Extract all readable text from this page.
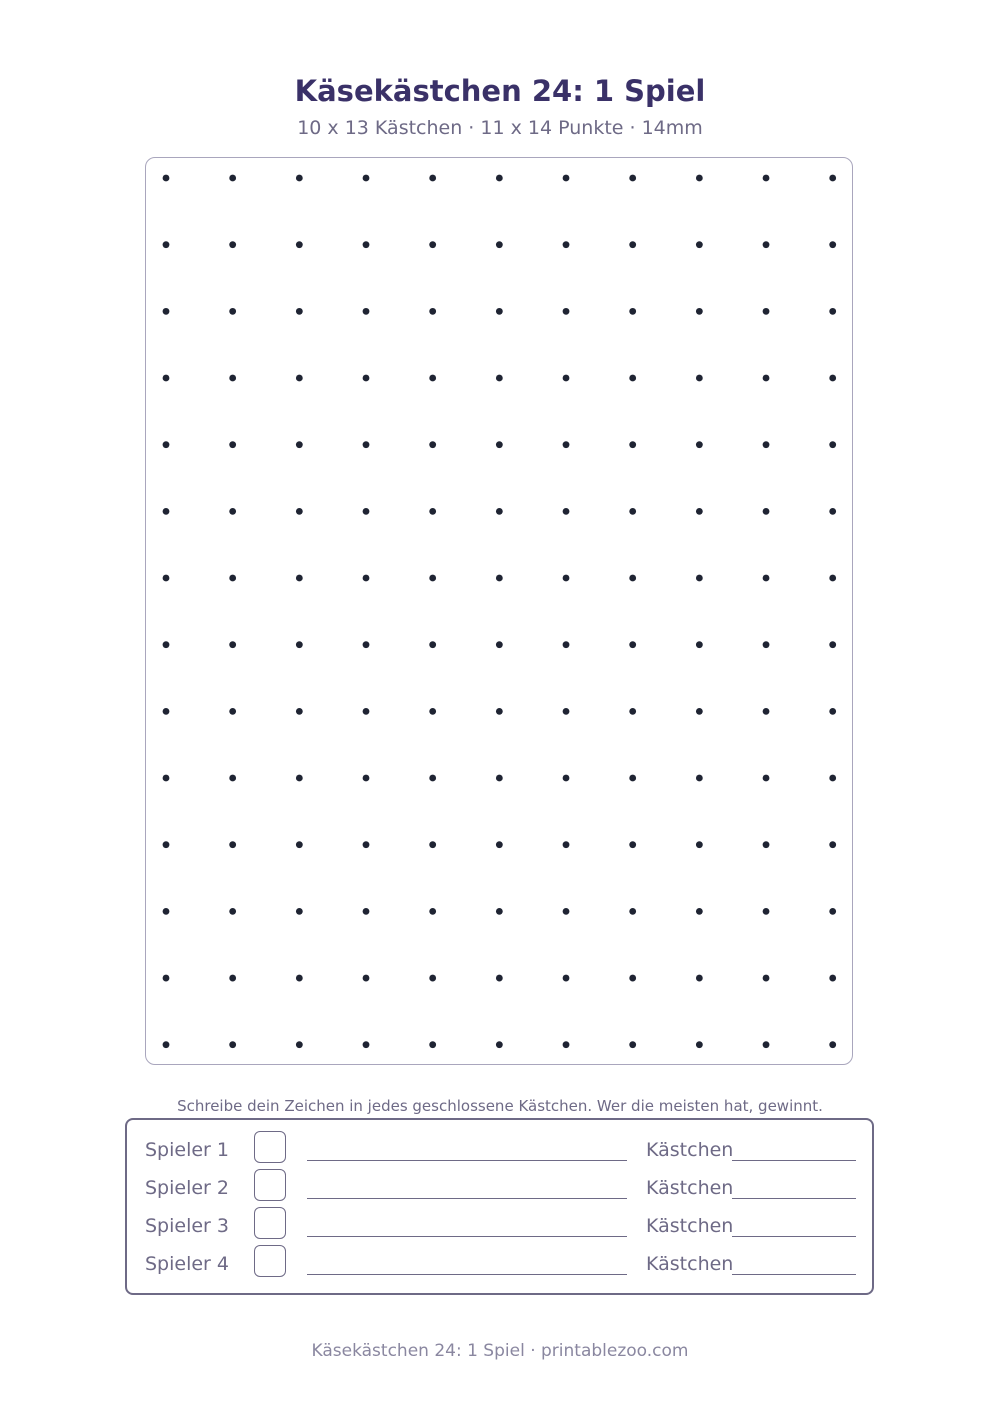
Käsekästchen 24: 1 Spiel
10 x 13 Kästchen · 11 x 14 Punkte · 14mm
Schreibe dein Zeichen in jedes geschlossene Kästchen. Wer die meisten hat, gewinnt.
Spieler 1	Kästchen
Spieler 2	Kästchen
Spieler 3	Kästchen
Spieler 4	Kästchen
Käsekästchen 24: 1 Spiel · printablezoo.com
